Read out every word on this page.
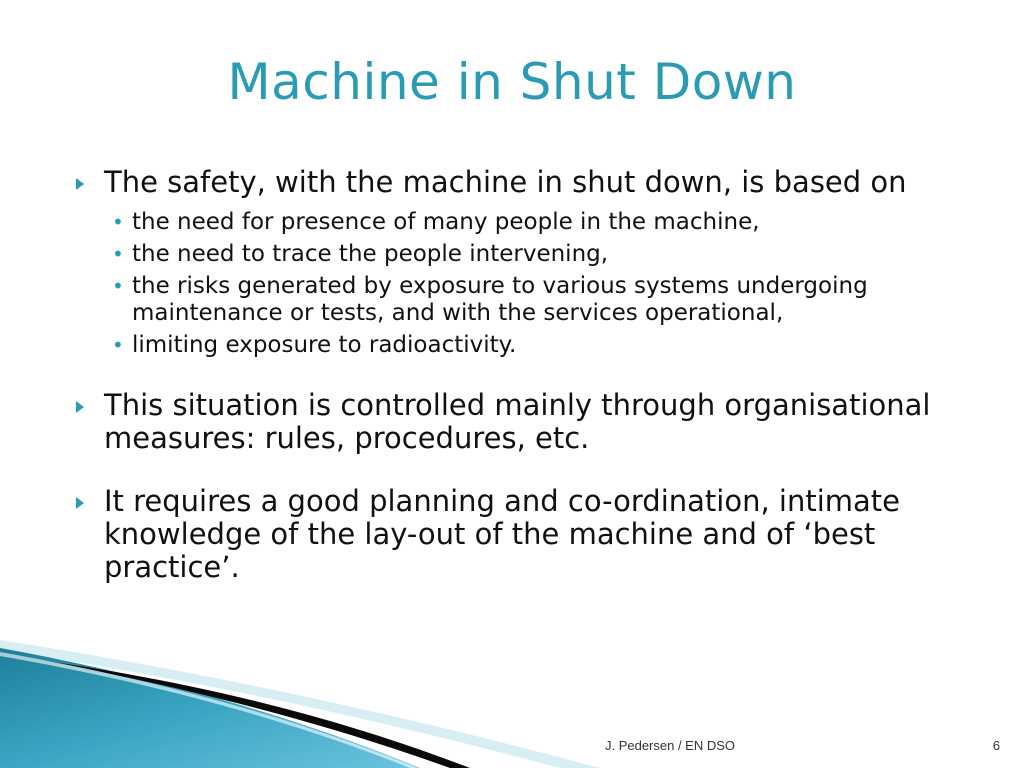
Machine in Shut Down
The safety, with the machine in shut down, is based on
• the need for presence of many people in the machine,
• the need to trace the people intervening,
• the risks generated by exposure to various systems undergoing maintenance or tests, and with the services operational,
• limiting exposure to radioactivity.
This situation is controlled mainly through organisational measures: rules, procedures, etc.
It requires a good planning and co-ordination, intimate knowledge of the lay-out of the machine and of ‘best practice’.
J. Pedersen / EN DSO	6
